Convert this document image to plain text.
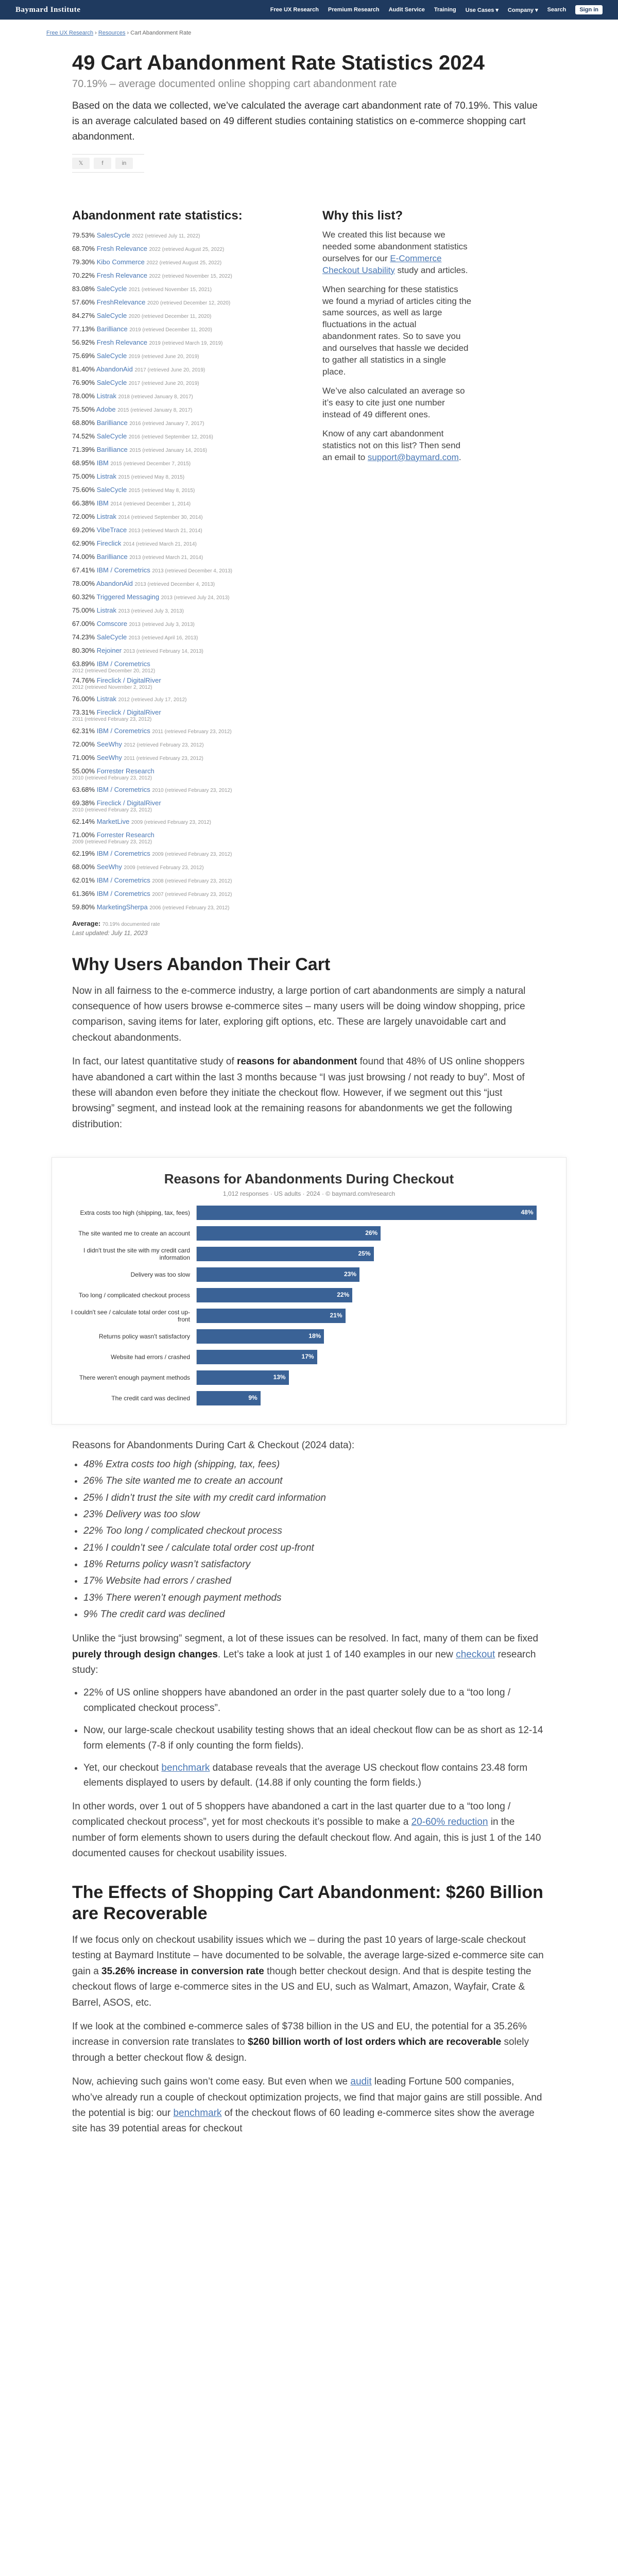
Baymard Institute	Free UX Research Premium Research Audit Service Training Use Cases ▾ Company ▾ Search	Sign in
Free UX Research › Resources › Cart Abandonment Rate
49 Cart Abandonment Rate Statistics 2024
70.19% – average documented online shopping cart abandonment rate

Based on the data we collected, we’ve calculated the average cart abandonment rate of 70.19%. This value is an average calculated based on 49 different studies containing statistics on e-commerce shopping cart abandonment.

𝕏	f	in
Abandonment rate statistics:
79.53% SalesCycle 2022 (retrieved July 11, 2022)
68.70% Fresh Relevance 2022 (retrieved August 25, 2022)
79.30% Kibo Commerce 2022 (retrieved August 25, 2022)
70.22% Fresh Relevance 2022 (retrieved November 15, 2022)
83.08% SaleCycle 2021 (retrieved November 15, 2021)
57.60% FreshRelevance 2020 (retrieved December 12, 2020)
84.27% SaleCycle 2020 (retrieved December 11, 2020)
77.13% Barilliance 2019 (retrieved December 11, 2020)
56.92% Fresh Relevance 2019 (retrieved March 19, 2019)
75.69% SaleCycle 2019 (retrieved June 20, 2019)
81.40% AbandonAid 2017 (retrieved June 20, 2019)
76.90% SaleCycle 2017 (retrieved June 20, 2019)
78.00% Listrak 2018 (retrieved January 8, 2017)
75.50% Adobe 2015 (retrieved January 8, 2017)
68.80% Barilliance 2016 (retrieved January 7, 2017)
74.52% SaleCycle 2016 (retrieved September 12, 2016)
71.39% Barilliance 2015 (retrieved January 14, 2016)
68.95% IBM 2015 (retrieved December 7, 2015)
75.00% Listrak 2015 (retrieved May 8, 2015)
75.60% SaleCycle 2015 (retrieved May 8, 2015)
66.38% IBM 2014 (retrieved December 1, 2014)
72.00% Listrak 2014 (retrieved September 30, 2014)
69.20% VibeTrace 2013 (retrieved March 21, 2014)
62.90% Fireclick 2014 (retrieved March 21, 2014)
74.00% Barilliance 2013 (retrieved March 21, 2014)
67.41% IBM / Coremetrics 2013 (retrieved December 4, 2013)
78.00% AbandonAid 2013 (retrieved December 4, 2013)
60.32% Triggered Messaging 2013 (retrieved July 24, 2013)
75.00% Listrak 2013 (retrieved July 3, 2013)
67.00% Comscore 2013 (retrieved July 3, 2013)
74.23% SaleCycle 2013 (retrieved April 16, 2013)
80.30% Rejoiner 2013 (retrieved February 14, 2013)
63.89% IBM / Coremetrics
2012 (retrieved December 20, 2012)
74.76% Fireclick / DigitalRiver
2012 (retrieved November 2, 2012)
76.00% Listrak 2012 (retrieved July 17, 2012)
73.31% Fireclick / DigitalRiver
2011 (retrieved February 23, 2012)
62.31% IBM / Coremetrics 2011 (retrieved February 23, 2012)
72.00% SeeWhy 2012 (retrieved February 23, 2012)
71.00% SeeWhy 2011 (retrieved February 23, 2012)
55.00% Forrester Research
2010 (retrieved February 23, 2012)
63.68% IBM / Coremetrics 2010 (retrieved February 23, 2012)
69.38% Fireclick / DigitalRiver
2010 (retrieved February 23, 2012)
62.14% MarketLive 2009 (retrieved February 23, 2012)
71.00% Forrester Research
2009 (retrieved February 23, 2012)
62.19% IBM / Coremetrics 2009 (retrieved February 23, 2012)
68.00% SeeWhy 2009 (retrieved February 23, 2012)
62.01% IBM / Coremetrics 2008 (retrieved February 23, 2012)
61.36% IBM / Coremetrics 2007 (retrieved February 23, 2012)
59.80% MarketingSherpa 2006 (retrieved February 23, 2012)
Average: 70.19% documented rate
Last updated: July 11, 2023
Why this list?

We created this list because we needed some abandonment statistics ourselves for our E-Commerce Checkout Usability study and articles.

When searching for these statistics we found a myriad of articles citing the same sources, as well as large fluctuations in the actual abandonment rates. So to save you and ourselves that hassle we decided to gather all statistics in a single place.

We’ve also calculated an average so it’s easy to cite just one number instead of 49 different ones.

Know of any cart abandonment statistics not on this list? Then send an email to support@baymard.com.

Why Users Abandon Their Cart

Now in all fairness to the e-commerce industry, a large portion of cart abandonments are simply a natural consequence of how users browse e-commerce sites – many users will be doing window shopping, price comparison, saving items for later, exploring gift options, etc. These are largely unavoidable cart and checkout abandonments.

In fact, our latest quantitative study of reasons for abandonment found that 48% of US online shoppers have abandoned a cart within the last 3 months because “I was just browsing / not ready to buy”. Most of these will abandon even before they initiate the checkout flow. However, if we segment out this “just browsing” segment, and instead look at the remaining reasons for abandonments we get the following distribution:

Reasons for Abandonments During Checkout
1,012 responses · US adults · 2024 · © baymard.com/research
Extra costs too high (shipping, tax, fees)	48%
The site wanted me to create an account	26%
I didn't trust the site with my credit card information
25%
Delivery was too slow	23%
Too long / complicated checkout process	22%
I couldn't see / calculate total order cost up-front
21%
Returns policy wasn't satisfactory	18%
Website had errors / crashed	17%
There weren't enough payment methods	13%
The credit card was declined	9%

Reasons for Abandonments During Cart & Checkout (2024 data):

• 48% Extra costs too high (shipping, tax, fees)
• 26% The site wanted me to create an account
• 25% I didn’t trust the site with my credit card information
• 23% Delivery was too slow
• 22% Too long / complicated checkout process
• 21% I couldn’t see / calculate total order cost up-front
• 18% Returns policy wasn’t satisfactory
• 17% Website had errors / crashed
• 13% There weren’t enough payment methods
• 9% The credit card was declined

Unlike the “just browsing” segment, a lot of these issues can be resolved. In fact, many of them can be fixed purely through design changes. Let’s take a look at just 1 of 140 examples in our new checkout research study:

• 22% of US online shoppers have abandoned an order in the past quarter solely due to a “too long / complicated checkout process”.
• Now, our large-scale checkout usability testing shows that an ideal checkout flow can be as short as 12-14 form elements (7-8 if only counting the form fields).
• Yet, our checkout benchmark database reveals that the average US checkout flow contains 23.48 form elements displayed to users by default. (14.88 if only counting the form fields.)

In other words, over 1 out of 5 shoppers have abandoned a cart in the last quarter due to a “too long / complicated checkout process”, yet for most checkouts it’s possible to make a 20-60% reduction in the number of form elements shown to users during the default checkout flow. And again, this is just 1 of the 140 documented causes for checkout usability issues.

The Effects of Shopping Cart Abandonment: $260 Billion are Recoverable

If we focus only on checkout usability issues which we – during the past 10 years of large-scale checkout testing at Baymard Institute – have documented to be solvable, the average large-sized e-commerce site can gain a 35.26% increase in conversion rate though better checkout design. And that is despite testing the checkout flows of large e-commerce sites in the US and EU, such as Walmart, Amazon, Wayfair, Crate & Barrel, ASOS, etc.

If we look at the combined e-commerce sales of $738 billion in the US and EU, the potential for a 35.26% increase in conversion rate translates to $260 billion worth of lost orders which are recoverable solely through a better checkout flow & design.

Now, achieving such gains won’t come easy. But even when we audit leading Fortune 500 companies, who’ve already run a couple of checkout optimization projects, we find that major gains are still possible. And the potential is big: our benchmark of the checkout flows of 60 leading e-commerce sites show the average site has 39 potential areas for checkout
